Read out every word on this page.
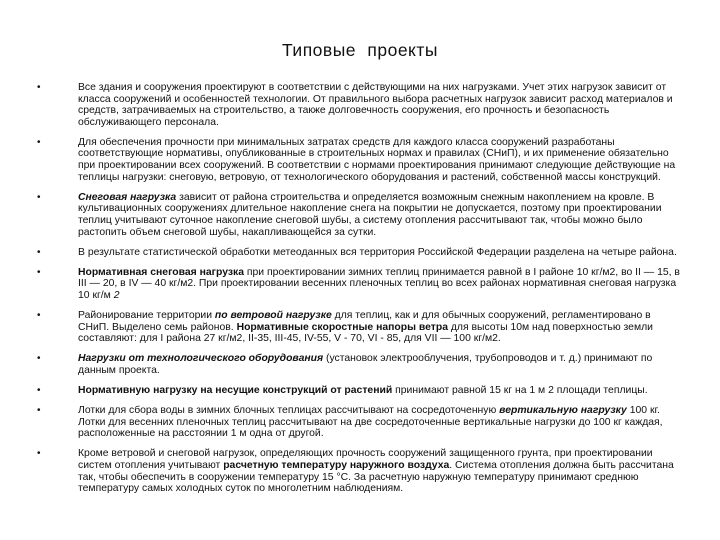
Типовые проекты
•	Все здания и сооружения проектируют в соответствии с действующими на них нагрузками. Учет этих нагрузок зависит от класса сооружений и особенностей технологии. От правильного выбора расчетных нагрузок зависит расход материалов и средств, затрачиваемых на строительство, а также долговечность сооружения, его прочность и безопасность обслуживающего персонала.
•	Для обеспечения прочности при минимальных затратах средств для каждого класса сооружений разработаны соответствующие нормативы, опубликованные в строительных нормах и правилах (СНиП), и их применение обязательно при проектировании всех сооружений. В соответствии с нормами проектирования принимают следующие действующие на теплицы нагрузки: снеговую, ветровую, от технологического оборудования и растений, собственной массы конструкций.
•	Снеговая нагрузка зависит от района строительства и определяется возможным снежным накоплением на кровле. В культивационных сооружениях длительное накопление снега на покрытии не допускается, поэтому при проектировании теплиц учитывают суточное накопление снеговой шубы, а систему отопления рассчитывают так, чтобы можно было растопить объем снеговой шубы, накапливающейся за сутки.
•	В результате статистической обработки метеоданных вся территория Российской Федерации разделена на четыре района.
•	Нормативная снеговая нагрузка при проектировании зимних теплиц принимается равной в I районе 10 кг/м2, во II — 15, в III — 20, в IV — 40 кг/м2. При проектировании весенних пленочных теплиц во всех районах нормативная снеговая нагрузка 10 кг/м 2
•	Районирование территории по ветровой нагрузке для теплиц, как и для обычных сооружений, регламентировано в СНиП. Выделено семь районов. Нормативные скоростные напоры ветра для высоты 10м над поверхностью земли составляют: для I района 27 кг/м2, II-35, III-45, IV-55, V - 70, VI - 85, для VII — 100 кг/м2.
•	Нагрузки от технологического оборудования (установок электрооблучения, трубопроводов и т. д.) принимают по данным проекта.
•	Нормативную нагрузку на несущие конструкций от растений принимают равной 15 кг на 1 м 2 площади теплицы.
•	Лотки для сбора воды в зимних блочных теплицах рассчитывают на сосредоточенную вертикальную нагрузку 100 кг. Лотки для весенних пленочных теплиц рассчитывают на две сосредоточенные вертикальные нагрузки до 100 кг каждая, расположенные на расстоянии 1 м одна от другой.
•	Кроме ветровой и снеговой нагрузок, определяющих прочность сооружений защищенного грунта, при проектировании систем отопления учитывают расчетную температуру наружного воздуха. Система отопления должна быть рассчитана так, чтобы обеспечить в сооружении температуру 15 °С. За расчетную наружную температуру принимают среднюю температуру самых холодных суток по многолетним наблюдениям.
